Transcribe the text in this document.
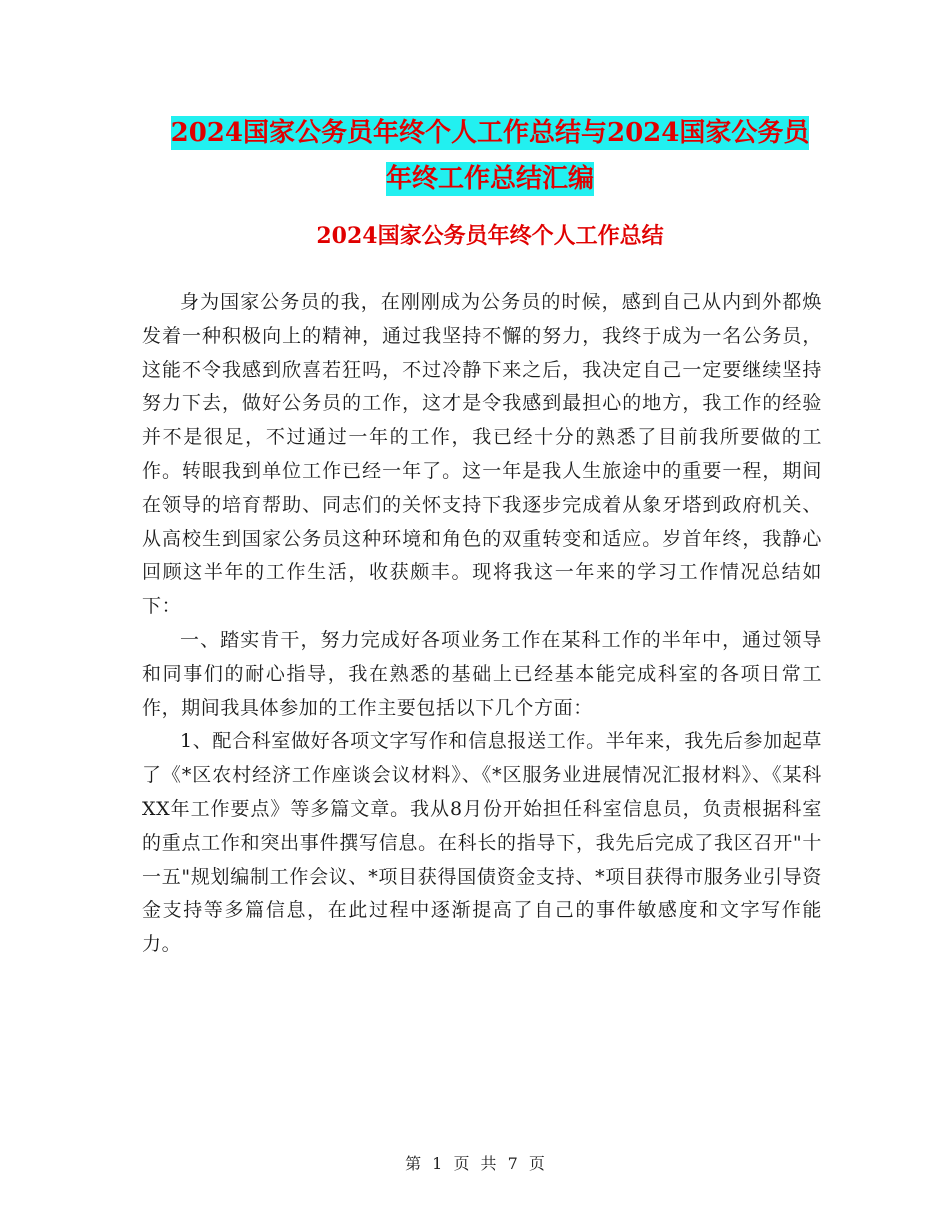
2024国家公务员年终个人工作总结与2024国家公务员
年终工作总结汇编
2024国家公务员年终个人工作总结

身为国家公务员的我，在刚刚成为公务员的时候，感到自己从内到外都焕发着一种积极向上的精神，通过我坚持不懈的努力，我终于成为一名公务员，这能不令我感到欣喜若狂吗，不过冷静下来之后，我决定自己一定要继续坚持努力下去，做好公务员的工作，这才是令我感到最担心的地方，我工作的经验并不是很足，不过通过一年的工作，我已经十分的熟悉了目前我所要做的工作。转眼我到单位工作已经一年了。这一年是我人生旅途中的重要一程，期间在领导的培育帮助、同志们的关怀支持下我逐步完成着从象牙塔到政府机关、从高校生到国家公务员这种环境和角色的双重转变和适应。岁首年终，我静心回顾这半年的工作生活，收获颇丰。现将我这一年来的学习工作情况总结如下：

一、踏实肯干，努力完成好各项业务工作在某科工作的半年中，通过领导和同事们的耐心指导，我在熟悉的基础上已经基本能完成科室的各项日常工作，期间我具体参加的工作主要包括以下几个方面：

1、配合科室做好各项文字写作和信息报送工作。半年来，我先后参加起草了《*区农村经济工作座谈会议材料》、《*区服务业进展情况汇报材料》、《某科 XX年工作要点》等多篇文章。我从8月份开始担任科室信息员，负责根据科室的重点工作和突出事件撰写信息。在科长的指导下，我先后完成了我区召开"十一五"规划编制工作会议、*项目获得国债资金支持、*项目获得市服务业引导资金支持等多篇信息，在此过程中逐渐提高了自己的事件敏感度和文字写作能力。

第 1 页 共 7 页
